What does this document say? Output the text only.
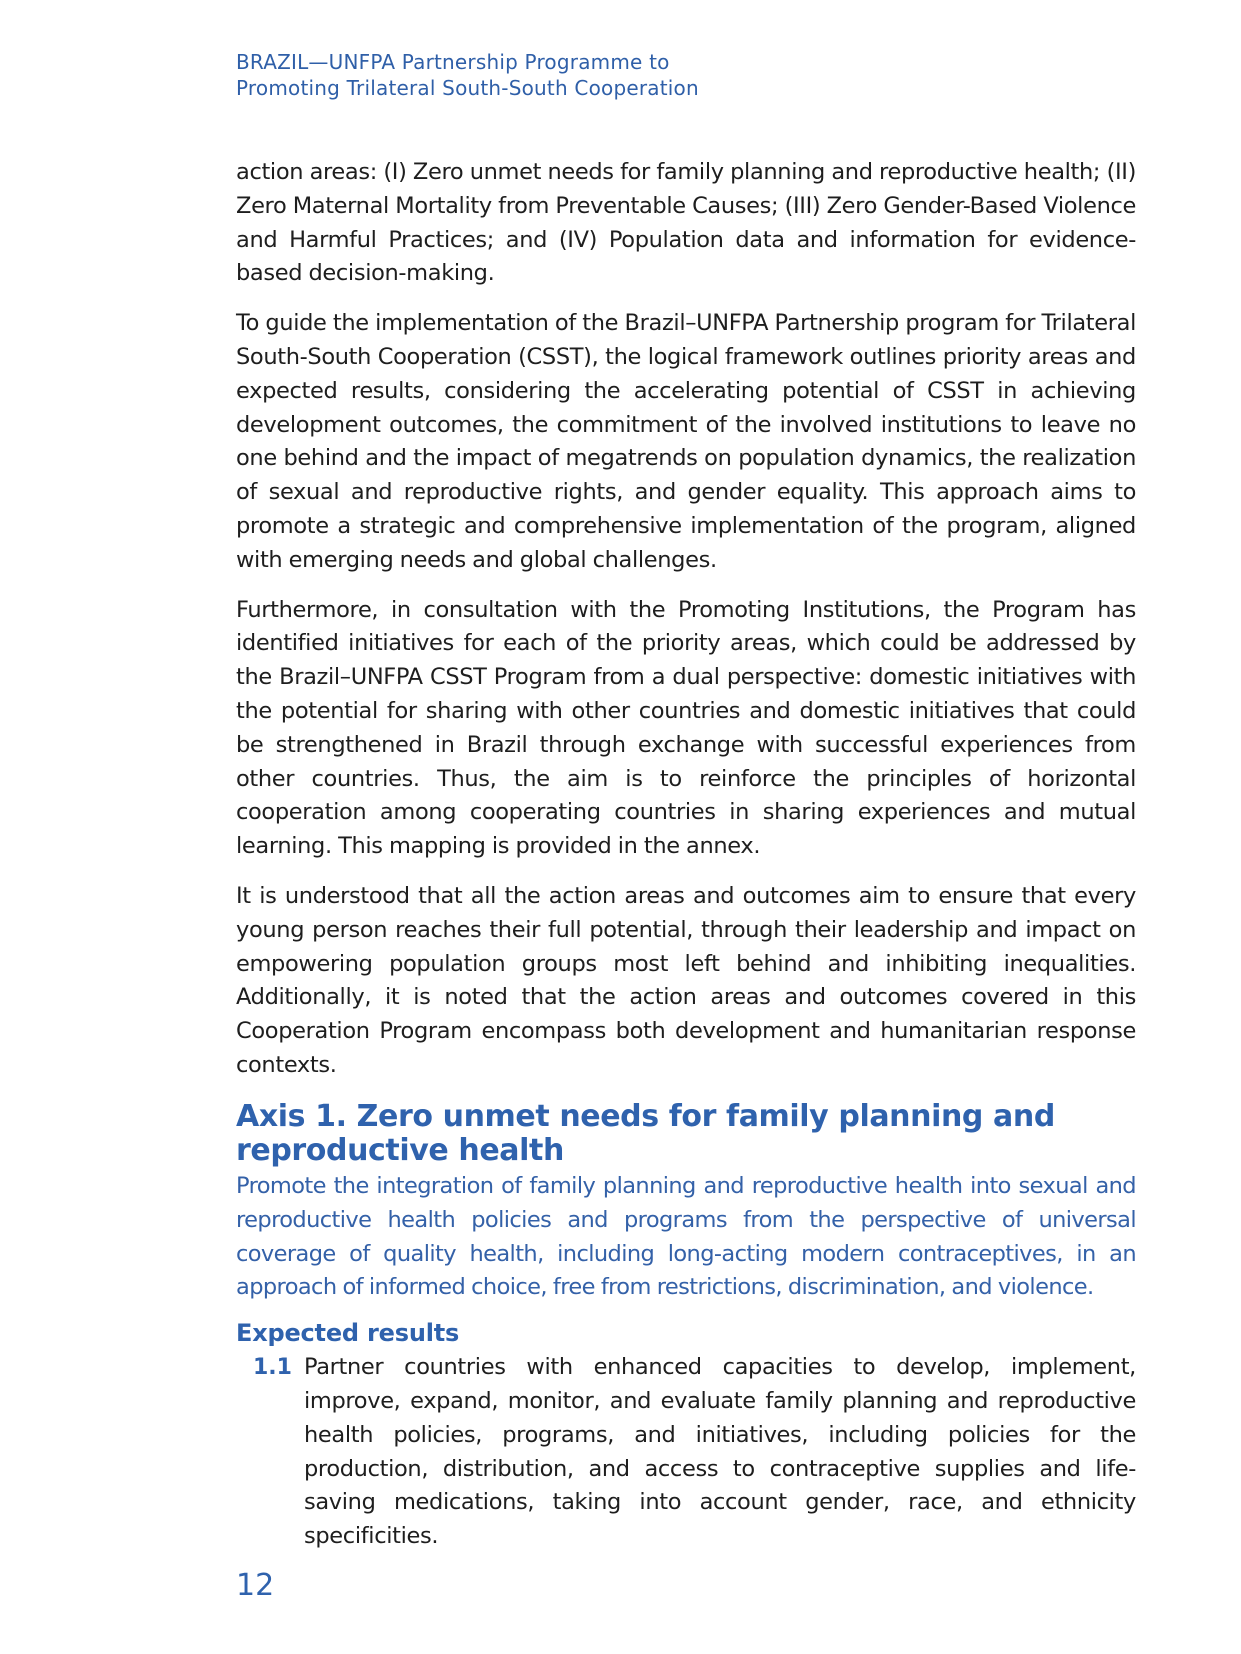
BRAZIL—UNFPA Partnership Programme to
Promoting Trilateral South-South Cooperation

action areas: (I) Zero unmet needs for family planning and reproductive health; (II) Zero Maternal Mortality from Preventable Causes; (III) Zero Gender-Based Violence and Harmful Practices; and (IV) Population data and information for evidence-based decision-making.

To guide the implementation of the Brazil–UNFPA Partnership program for Trilateral South-South Cooperation (CSST), the logical framework outlines priority areas and expected results, considering the accelerating potential of CSST in achieving development outcomes, the commitment of the involved institutions to leave no one behind and the impact of megatrends on population dynamics, the realization of sexual and reproductive rights, and gender equality. This approach aims to promote a strategic and comprehensive implementation of the program, aligned with emerging needs and global challenges.

Furthermore, in consultation with the Promoting Institutions, the Program has identified initiatives for each of the priority areas, which could be addressed by the Brazil–UNFPA CSST Program from a dual perspective: domestic initiatives with the potential for sharing with other countries and domestic initiatives that could be strengthened in Brazil through exchange with successful experiences from other countries. Thus, the aim is to reinforce the principles of horizontal cooperation among cooperating countries in sharing experiences and mutual learning. This mapping is provided in the annex.

It is understood that all the action areas and outcomes aim to ensure that every young person reaches their full potential, through their leadership and impact on empowering population groups most left behind and inhibiting inequalities. Additionally, it is noted that the action areas and outcomes covered in this Cooperation Program encompass both development and humanitarian response contexts.

Axis 1. Zero unmet needs for family planning and
reproductive health

Promote the integration of family planning and reproductive health into sexual and reproductive health policies and programs from the perspective of universal coverage of quality health, including long-acting modern contraceptives, in an approach of informed choice, free from restrictions, discrimination, and violence.

Expected results
1.1 Partner countries with enhanced capacities to develop, implement, improve, expand, monitor, and evaluate family planning and reproductive health policies, programs, and initiatives, including policies for the production, distribution, and access to contraceptive supplies and life-saving medications, taking into account gender, race, and ethnicity specificities.

12
